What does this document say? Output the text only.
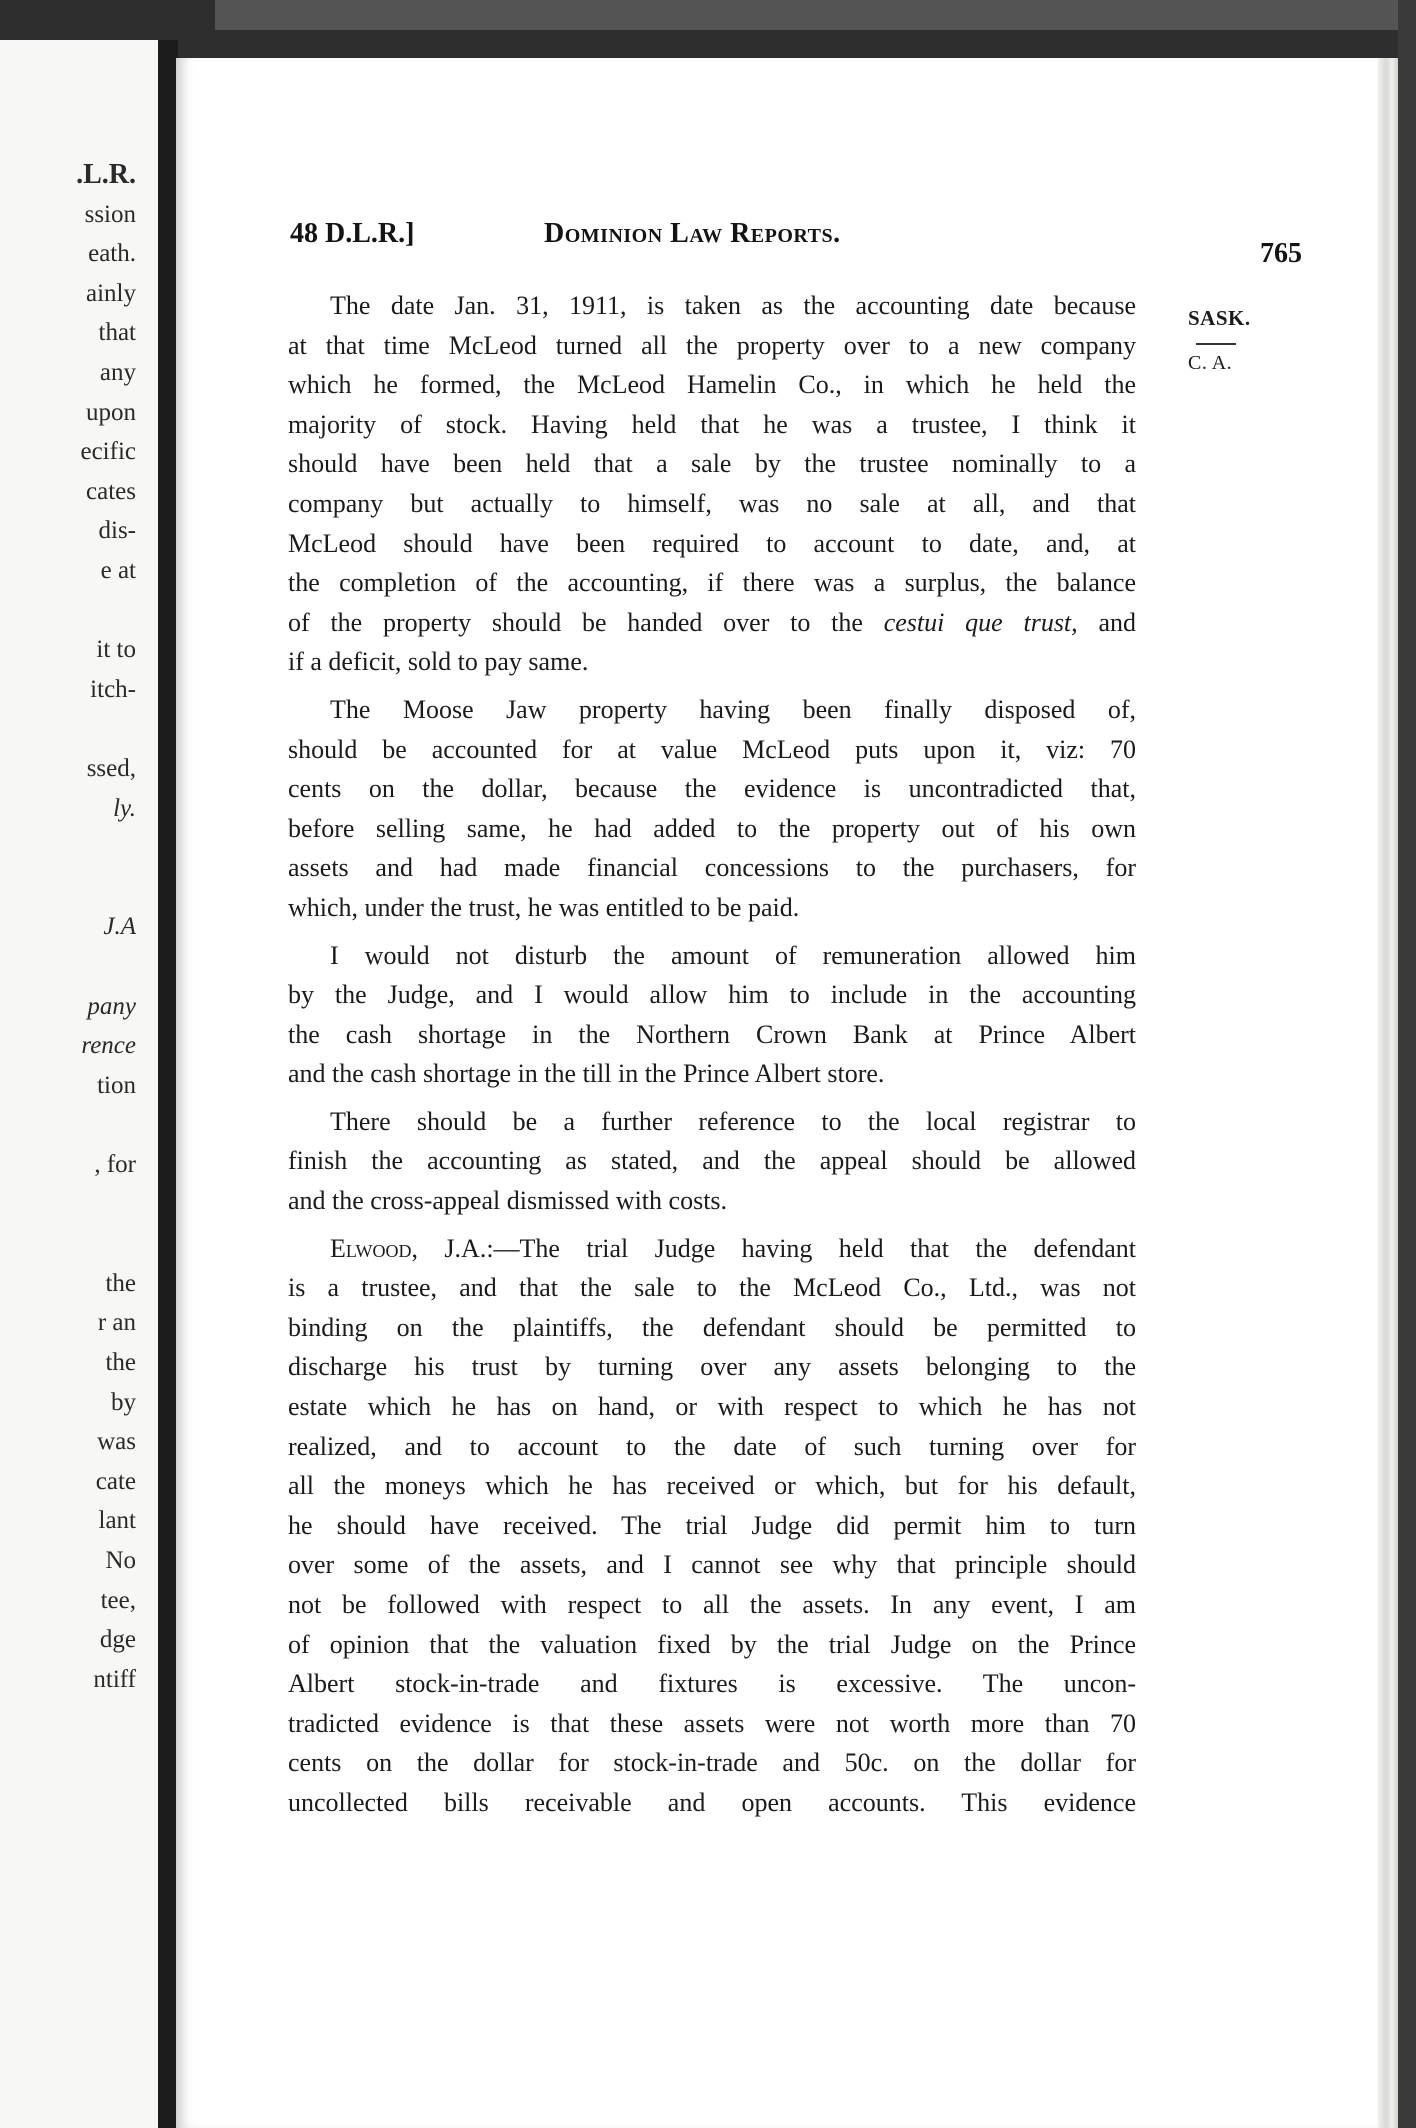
.L.R.
ssion
eath.
ainly
that
any
upon
ecific
cates
dis-
e at
it to
itch-
ssed,
ly.
J.A
pany
rence
tion
, for
the
r an
the
by
was
cate
lant
No
tee,
dge
ntiff
48 D.L.R.]	Dominion Law Reports.
765
SASK.
C. A.
The date Jan. 31, 1911, is taken as the accounting date because
at that time McLeod turned all the property over to a new company
which he formed, the McLeod Hamelin Co., in which he held the
majority of stock. Having held that he was a trustee, I think it
should have been held that a sale by the trustee nominally to a
company but actually to himself, was no sale at all, and that
McLeod should have been required to account to date, and, at
the completion of the accounting, if there was a surplus, the balance
of the property should be handed over to the cestui que trust, and
if a deficit, sold to pay same.
The Moose Jaw property having been finally disposed of,
should be accounted for at value McLeod puts upon it, viz: 70
cents on the dollar, because the evidence is uncontradicted that,
before selling same, he had added to the property out of his own
assets and had made financial concessions to the purchasers, for
which, under the trust, he was entitled to be paid.
I would not disturb the amount of remuneration allowed him
by the Judge, and I would allow him to include in the accounting
the cash shortage in the Northern Crown Bank at Prince Albert
and the cash shortage in the till in the Prince Albert store.
There should be a further reference to the local registrar to
finish the accounting as stated, and the appeal should be allowed
and the cross-appeal dismissed with costs.
Elwood, J.A.:—The trial Judge having held that the defendant
is a trustee, and that the sale to the McLeod Co., Ltd., was not
binding on the plaintiffs, the defendant should be permitted to
discharge his trust by turning over any assets belonging to the
estate which he has on hand, or with respect to which he has not
realized, and to account to the date of such turning over for
all the moneys which he has received or which, but for his default,
he should have received. The trial Judge did permit him to turn
over some of the assets, and I cannot see why that principle should
not be followed with respect to all the assets. In any event, I am
of opinion that the valuation fixed by the trial Judge on the Prince
Albert stock-in-trade and fixtures is excessive. The uncon-
tradicted evidence is that these assets were not worth more than 70
cents on the dollar for stock-in-trade and 50c. on the dollar for
uncollected bills receivable and open accounts. This evidence
